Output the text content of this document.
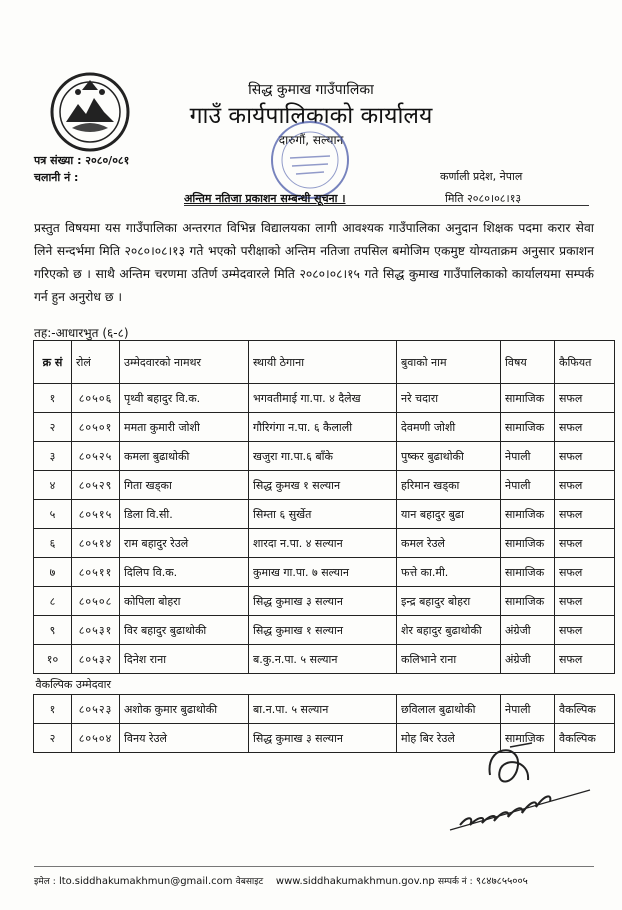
सिद्ध कुमाख गाउँपालिका
गाउँ कार्यपालिकाको कार्यालय
दारुगौं, सल्यान
पत्र संख्या : २०८०/०८१
चलानी नं :	कर्णाली प्रदेश, नेपाल
अन्तिम नतिजा प्रकाशन सम्बन्धी सूचना ।	मिति २०८०।०८।१३
प्रस्तुत विषयमा यस गाउँपालिका अन्तरगत विभिन्न विद्यालयका लागी आवश्यक गाउँपालिका अनुदान शिक्षक पदमा करार सेवा लिने सन्दर्भमा मिति २०८०।०८।१३ गते भएको परीक्षाको अन्तिम नतिजा तपसिल बमोजिम एकमुष्ट योग्यताक्रम अनुसार प्रकाशन गरिएको छ । साथै अन्तिम चरणमा उतिर्ण उम्मेदवारले मिति २०८०।०८।१५ गते सिद्ध कुमाख गाउँपालिकाको कार्यालयमा सम्पर्क गर्न हुन अनुरोध छ ।
तह:-आधारभुत (६-८)
क्र सं	रोलं	उम्मेदवारको नामथर	स्थायी ठेगाना	बुवाको नाम	विषय	कैफियत
१	८०५०६	पृथ्वी बहादुर वि.क.	भगवतीमाई गा.पा. ४ दैलेख	नरे चदारा	सामाजिक	सफल
२	८०५०१	ममता कुमारी जोशी	गौरिगंगा न.पा. ६ कैलाली	देवमणी जोशी	सामाजिक	सफल
३	८०५२५	कमला बुढाथोकी	खजुरा गा.पा.६ बाँके	पुष्कर बुढाथोकी	नेपाली	सफल
४	८०५२९	गिता खड्का	सिद्ध कुमख १ सल्यान	हरिमान खड्का	नेपाली	सफल
५	८०५१५	डिला वि.सी.	सिम्ता ६ सुर्खेत	यान बहादुर बुढा	सामाजिक	सफल
६	८०५१४	राम बहादुर रेउले	शारदा न.पा. ४ सल्यान	कमल रेउले	सामाजिक	सफल
७	८०५११	दिलिप वि.क.	कुमाख गा.पा. ७ सल्यान	फत्ते का.मी.	सामाजिक	सफल
८	८०५०८	कोपिला बोहरा	सिद्ध कुमाख ३ सल्यान	इन्द्र बहादुर बोहरा	सामाजिक	सफल
९	८०५३१	विर बहादुर बुढाथोकी	सिद्ध कुमाख १ सल्यान	शेर बहादुर बुढाथोकी	अंग्रेजी	सफल
१०	८०५३२	दिनेश राना	ब.कु.न.पा. ५ सल्यान	कलिभाने राना	अंग्रेजी	सफल
वैकल्पिक उम्मेदवार						
१	८०५२३	अशोक कुमार बुढाथोकी	बा.न.पा. ५ सल्यान	छविलाल बुढाथोकी	नेपाली	वैकल्पिक
२	८०५०४	विनय रेउले	सिद्ध कुमाख ३ सल्यान	मोह बिर रेउले	सामाजिक	वैकल्पिक
इमेल : lto.siddhakumakhmun@gmail.com वेबसाइट www.siddhakumakhmun.gov.np सम्पर्क नं : ९८४७८५५००५
